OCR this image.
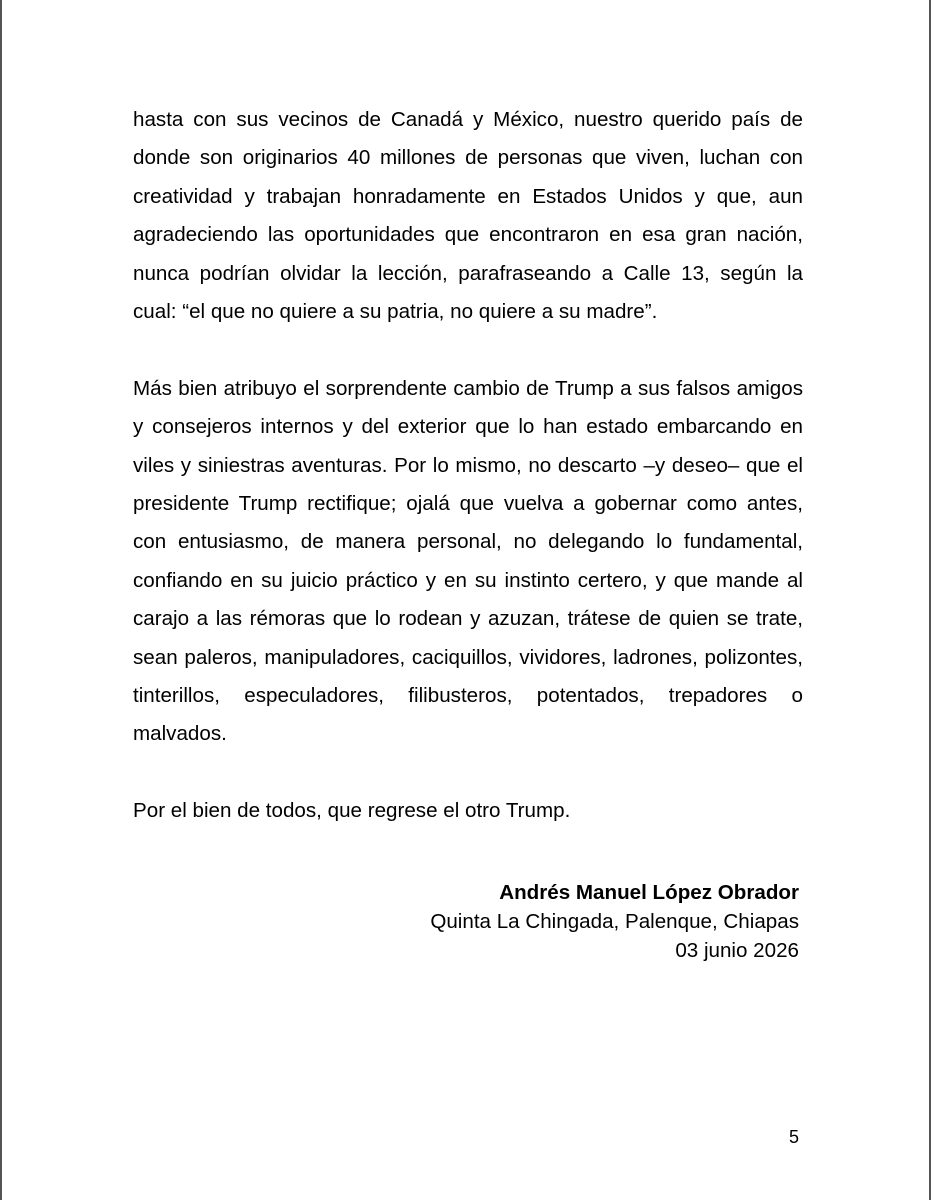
hasta con sus vecinos de Canadá y México, nuestro querido país de donde son originarios 40 millones de personas que viven, luchan con creatividad y trabajan honradamente en Estados Unidos y que, aun agradeciendo las oportunidades que encontraron en esa gran nación, nunca podrían olvidar la lección, parafraseando a Calle 13, según la cual: “el que no quiere a su patria, no quiere a su madre”.

Más bien atribuyo el sorprendente cambio de Trump a sus falsos amigos y consejeros internos y del exterior que lo han estado embarcando en viles y siniestras aventuras. Por lo mismo, no descarto –y deseo– que el presidente Trump rectifique; ojalá que vuelva a gobernar como antes, con entusiasmo, de manera personal, no delegando lo fundamental, confiando en su juicio práctico y en su instinto certero, y que mande al carajo a las rémoras que lo rodean y azuzan, trátese de quien se trate, sean paleros, manipuladores, caciquillos, vividores, ladrones, polizontes, tinterillos, especuladores, filibusteros, potentados, trepadores o malvados.

Por el bien de todos, que regrese el otro Trump.

Andrés Manuel López Obrador
Quinta La Chingada, Palenque, Chiapas
03 junio 2026
5
